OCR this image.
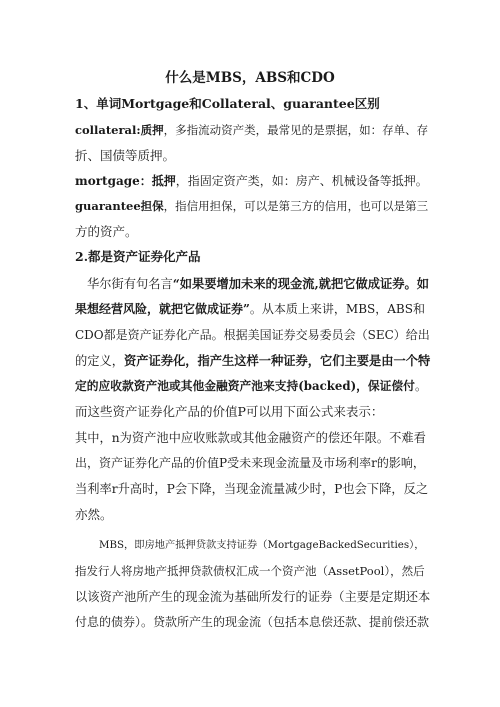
什么是MBS，ABS和CDO
1、单词Mortgage和Collateral、guarantee区别
collateral:质押，多指流动资产类，最常见的是票据，如：存单、存
折、国债等质押。
mortgage：抵押，指固定资产类，如：房产、机械设备等抵押。
guarantee担保，指信用担保，可以是第三方的信用，也可以是第三
方的资产。
2.都是资产证券化产品
华尔街有句名言“如果要增加未来的现金流,就把它做成证券。如
果想经营风险，就把它做成证券”。从本质上来讲，MBS，ABS和
CDO都是资产证券化产品。根据美国证券交易委员会（SEC）给出
的定义，资产证券化，指产生这样一种证券，它们主要是由一个特
定的应收款资产池或其他金融资产池来支持(backed)，保证偿付。
而这些资产证券化产品的价值P可以用下面公式来表示：
其中，n为资产池中应收账款或其他金融资产的偿还年限。不难看
出，资产证券化产品的价值P受未来现金流量及市场利率r的影响，
当利率r升高时，P会下降，当现金流量减少时，P也会下降，反之
亦然。
MBS，即房地产抵押贷款支持证券（MortgageBackedSecurities），
指发行人将房地产抵押贷款债权汇成一个资产池（AssetPool），然后
以该资产池所产生的现金流为基础所发行的证券（主要是定期还本
付息的债券）。贷款所产生的现金流（包括本息偿还款、提前偿还款
